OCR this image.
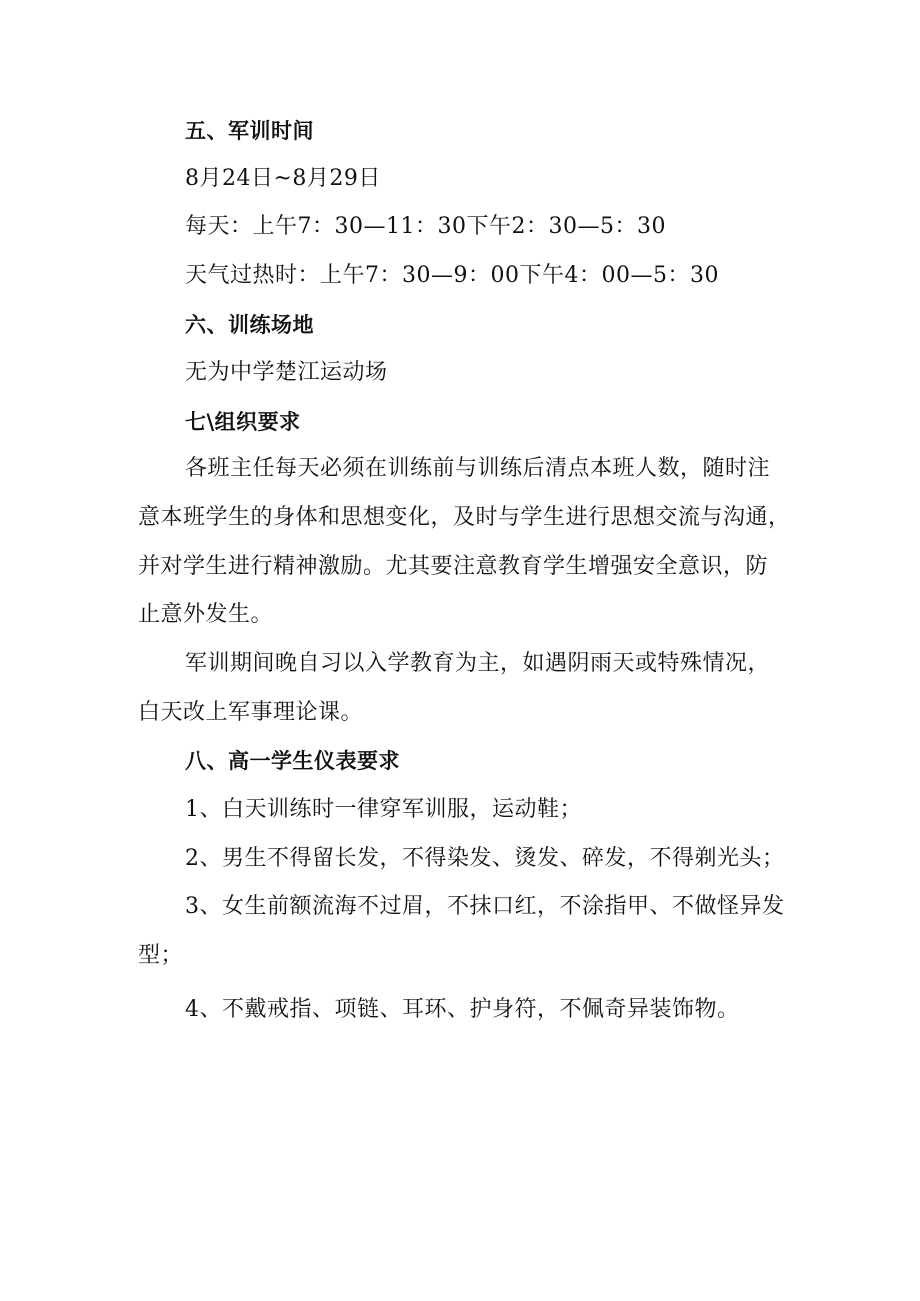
五、军训时间

8月24日~8月29日

每天：上午7：30—11：30下午2：30—5：30

天气过热时：上午7：30—9：00下午4：00—5：30

六、训练场地

无为中学楚江运动场

七\组织要求

各班主任每天必须在训练前与训练后清点本班人数，随时注

意本班学生的身体和思想变化，及时与学生进行思想交流与沟通，

并对学生进行精神激励。尤其要注意教育学生增强安全意识，防

止意外发生。

军训期间晚自习以入学教育为主，如遇阴雨天或特殊情况，

白天改上军事理论课。

八、高一学生仪表要求

1、白天训练时一律穿军训服，运动鞋；

2、男生不得留长发，不得染发、烫发、碎发，不得剃光头；

3、女生前额流海不过眉，不抹口红，不涂指甲、不做怪异发

型；

4、不戴戒指、项链、耳环、护身符，不佩奇异装饰物。
